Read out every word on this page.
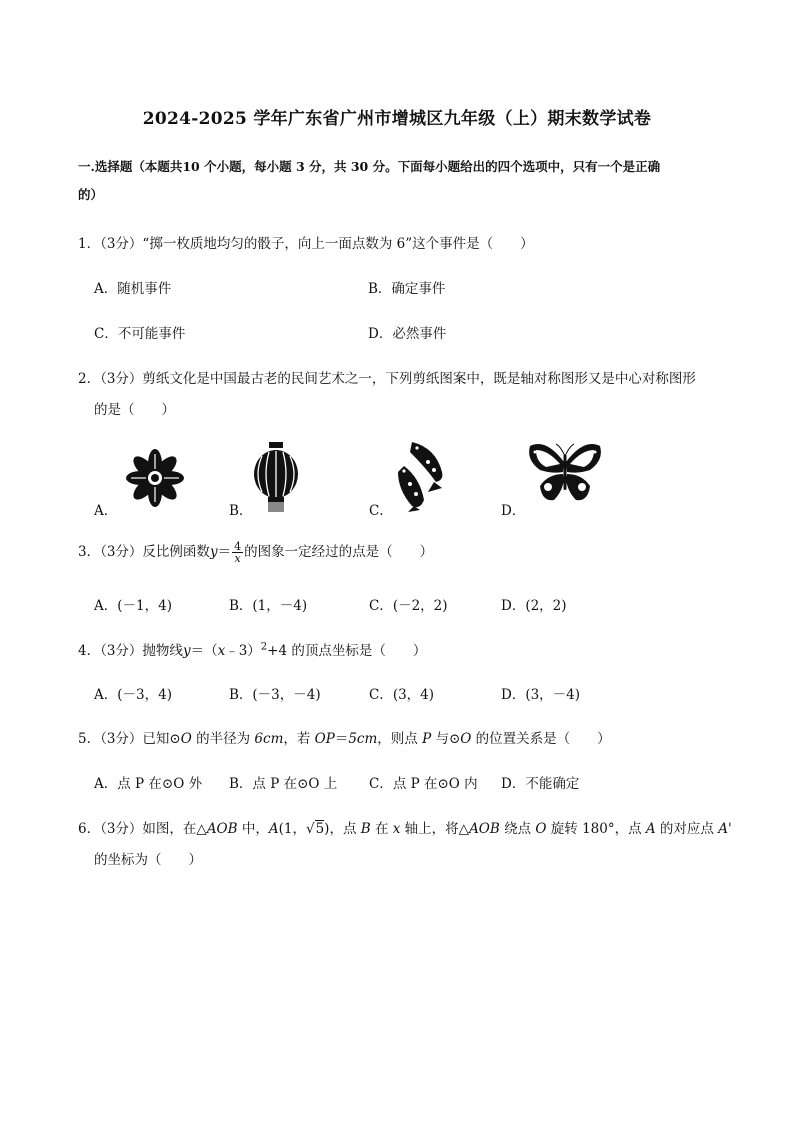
2024-2025 学年广东省广州市增城区九年级（上）期末数学试卷
一.选择题（本题共10 个小题，每小题 3 分，共 30 分。下面每小题给出的四个选项中，只有一个是正确
的）
1．（3分）“掷一枚质地均匀的骰子，向上一面点数为 6”这个事件是（　　）
A．随机事件	B．确定事件
C．不可能事件	D．必然事件
2．（3分）剪纸文化是中国最古老的民间艺术之一，下列剪纸图案中，既是轴对称图形又是中心对称图形
的是（　　）
A．	B．	C．	D．
3．（3分）反比例函数$y= \frac{4}{x}$ 的图象一定经过的点是（　　）
A．(－1，4)	B．(1，－4)	C．(－2，2)	D．(2，2)
4．（3分）抛物线y＝（x﹣3）$^2$+4 的顶点坐标是（　　）
A．(－3，4)	B．(－3，－4)	C．(3，4)	D．(3，－4)
5．（3分）已知⊙O 的半径为 6cm，若 OP＝5cm，则点 P 与⊙O 的位置关系是（　　）
A．点 P 在⊙O 外 B．点 P 在⊙O 上 C．点 P 在⊙O 内 D．不能确定
6．（3分）如图，在△AOB 中，A(1，√5)，点 B 在 x 轴上，将△AOB 绕点 O 旋转 180°，点 A 的对应点 A'
的坐标为（　　）
